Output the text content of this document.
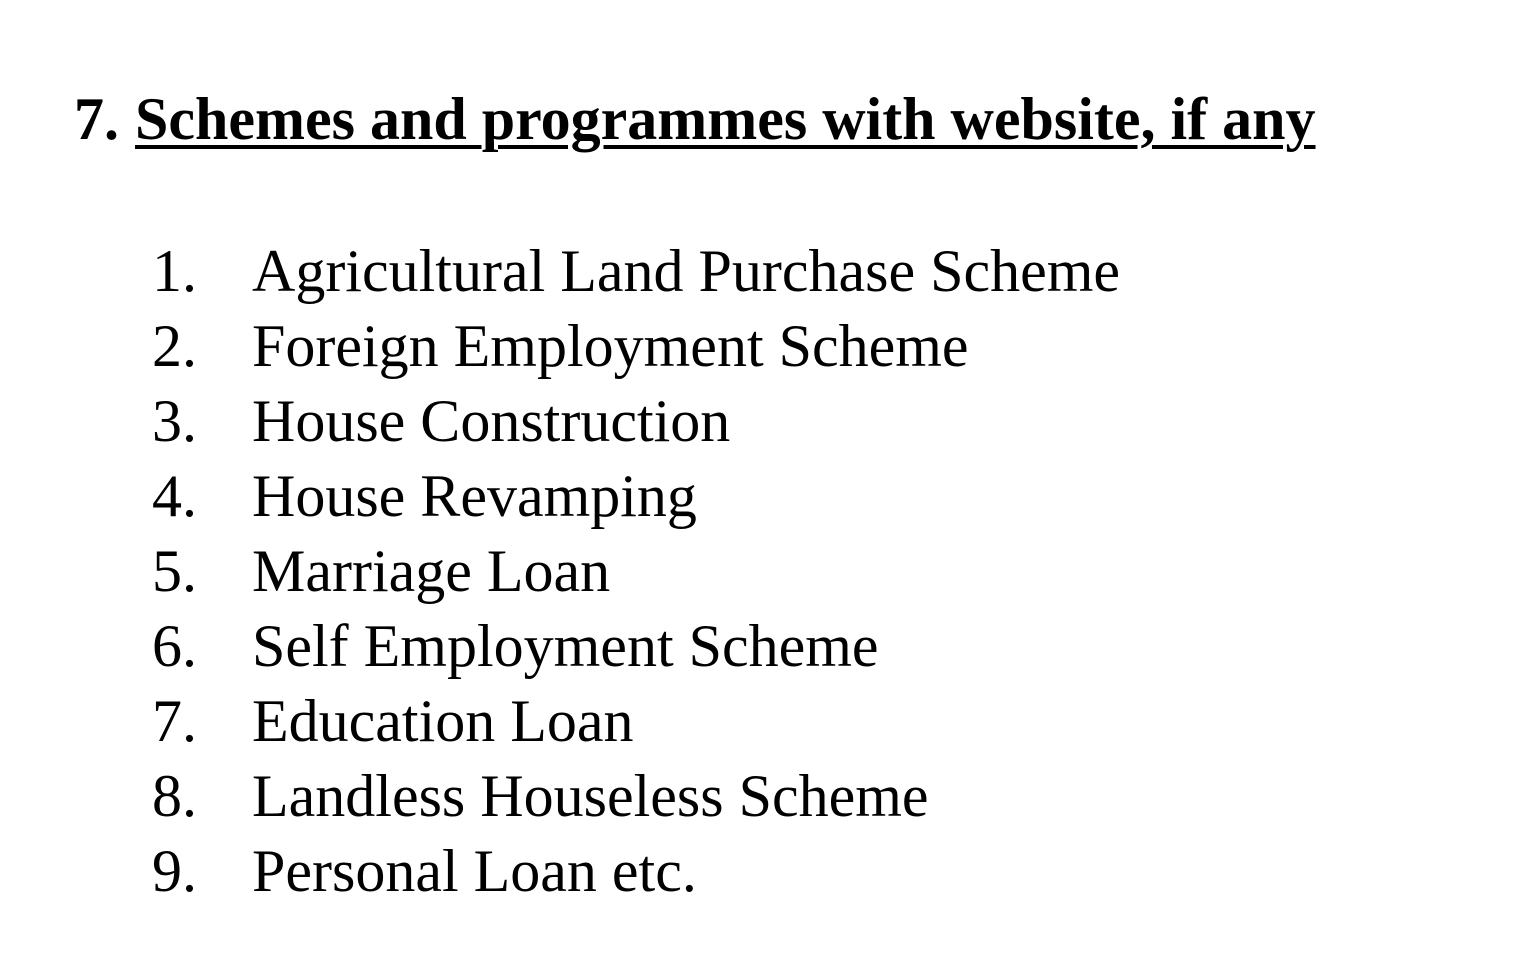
7. Schemes and programmes with website, if any
1. Agricultural Land Purchase Scheme
2. Foreign Employment Scheme
3. House Construction
4. House Revamping
5. Marriage Loan
6. Self Employment Scheme
7. Education Loan
8. Landless Houseless Scheme
9. Personal Loan etc.
